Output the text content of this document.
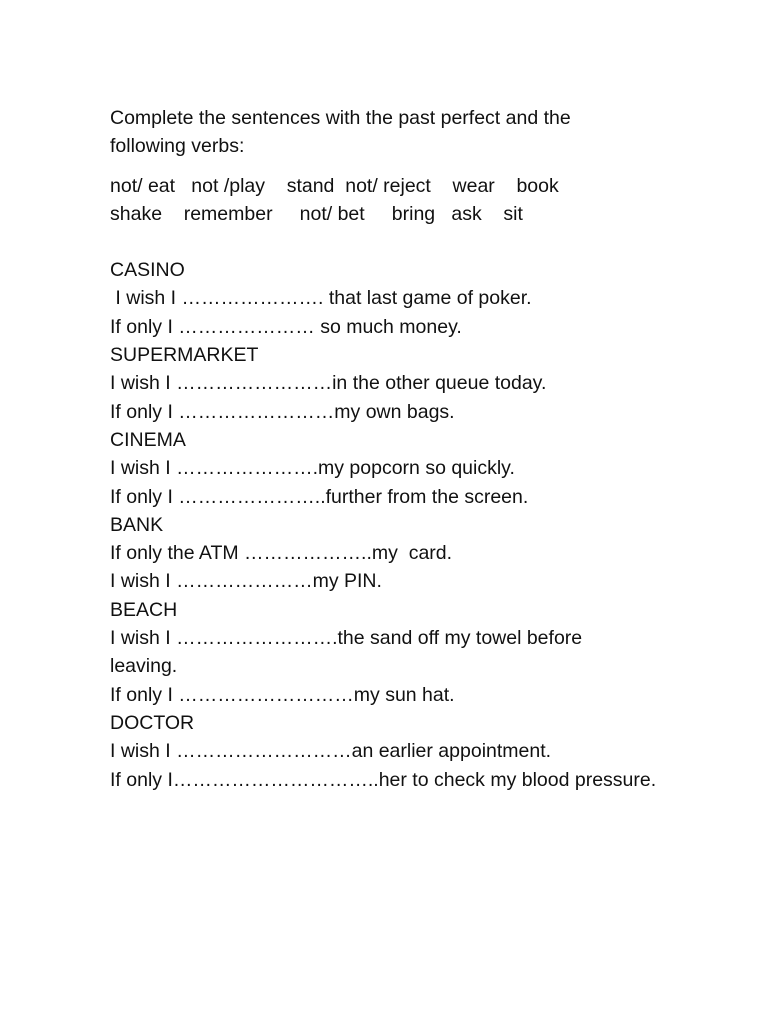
Complete the sentences with the past perfect and the following verbs:

not/ eat   not /play    stand  not/ reject    wear    book

shake    remember     not/ bet     bring   ask    sit

CASINO

I wish I …………………. that last game of poker.

If only I ………………… so much money.

SUPERMARKET

I wish I ……………………in the other queue today.

If only I ……………………my own bags.

CINEMA

I wish I ………………….my popcorn so quickly.

If only I …………………..further from the screen.

BANK

If only the ATM ………………..my  card.

I wish I …………………my PIN.

BEACH

I wish I …………………….the sand off my towel before leaving.

If only I ………………………my sun hat.

DOCTOR

I wish I ………………………an earlier appointment.

If only I…………………………..her to check my blood pressure.
